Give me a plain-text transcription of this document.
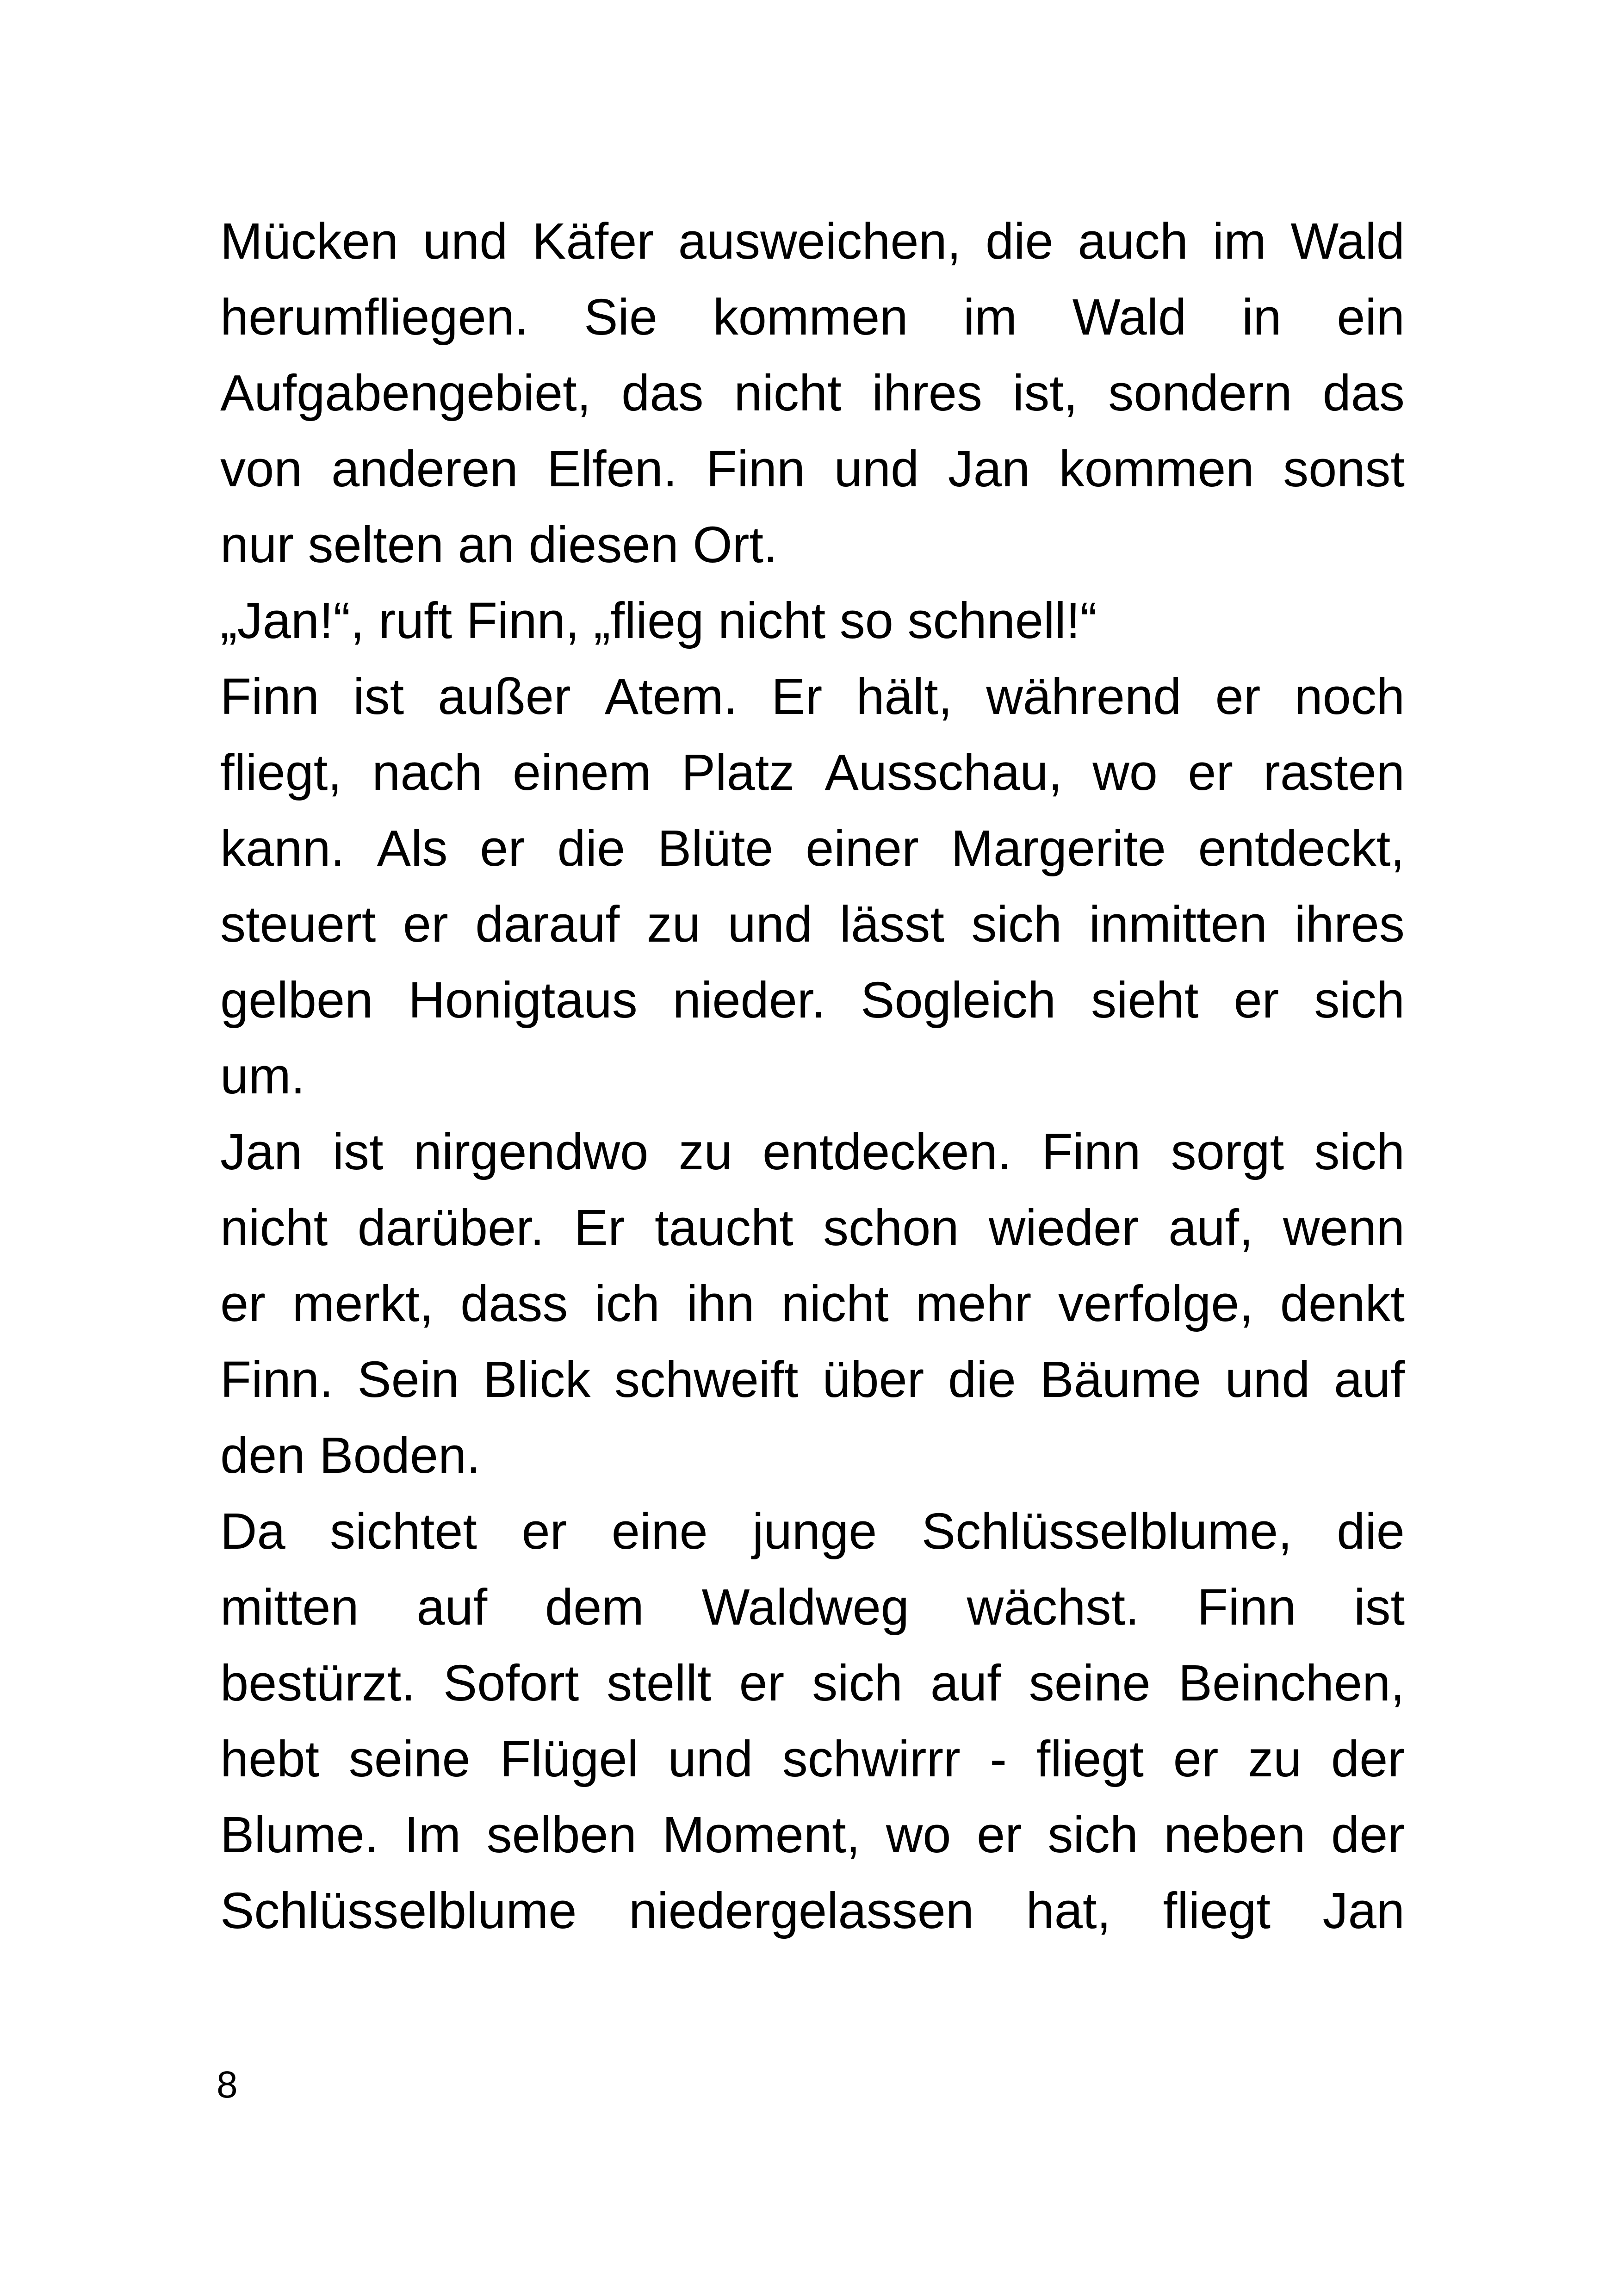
Mücken und Käfer ausweichen, die auch im Wald
herumfliegen. Sie kommen im Wald in ein
Aufgabengebiet, das nicht ihres ist, sondern das
von anderen Elfen. Finn und Jan kommen sonst
nur selten an diesen Ort.
„Jan!“, ruft Finn, „flieg nicht so schnell!“
Finn ist außer Atem. Er hält, während er noch
fliegt, nach einem Platz Ausschau, wo er rasten
kann. Als er die Blüte einer Margerite entdeckt,
steuert er darauf zu und lässt sich inmitten ihres
gelben Honigtaus nieder. Sogleich sieht er sich
um.
Jan ist nirgendwo zu entdecken. Finn sorgt sich
nicht darüber. Er taucht schon wieder auf, wenn
er merkt, dass ich ihn nicht mehr verfolge, denkt
Finn. Sein Blick schweift über die Bäume und auf
den Boden.
Da sichtet er eine junge Schlüsselblume, die
mitten auf dem Waldweg wächst. Finn ist
bestürzt. Sofort stellt er sich auf seine Beinchen,
hebt seine Flügel und schwirrr - fliegt er zu der
Blume. Im selben Moment, wo er sich neben der
Schlüsselblume niedergelassen hat, fliegt Jan
8
